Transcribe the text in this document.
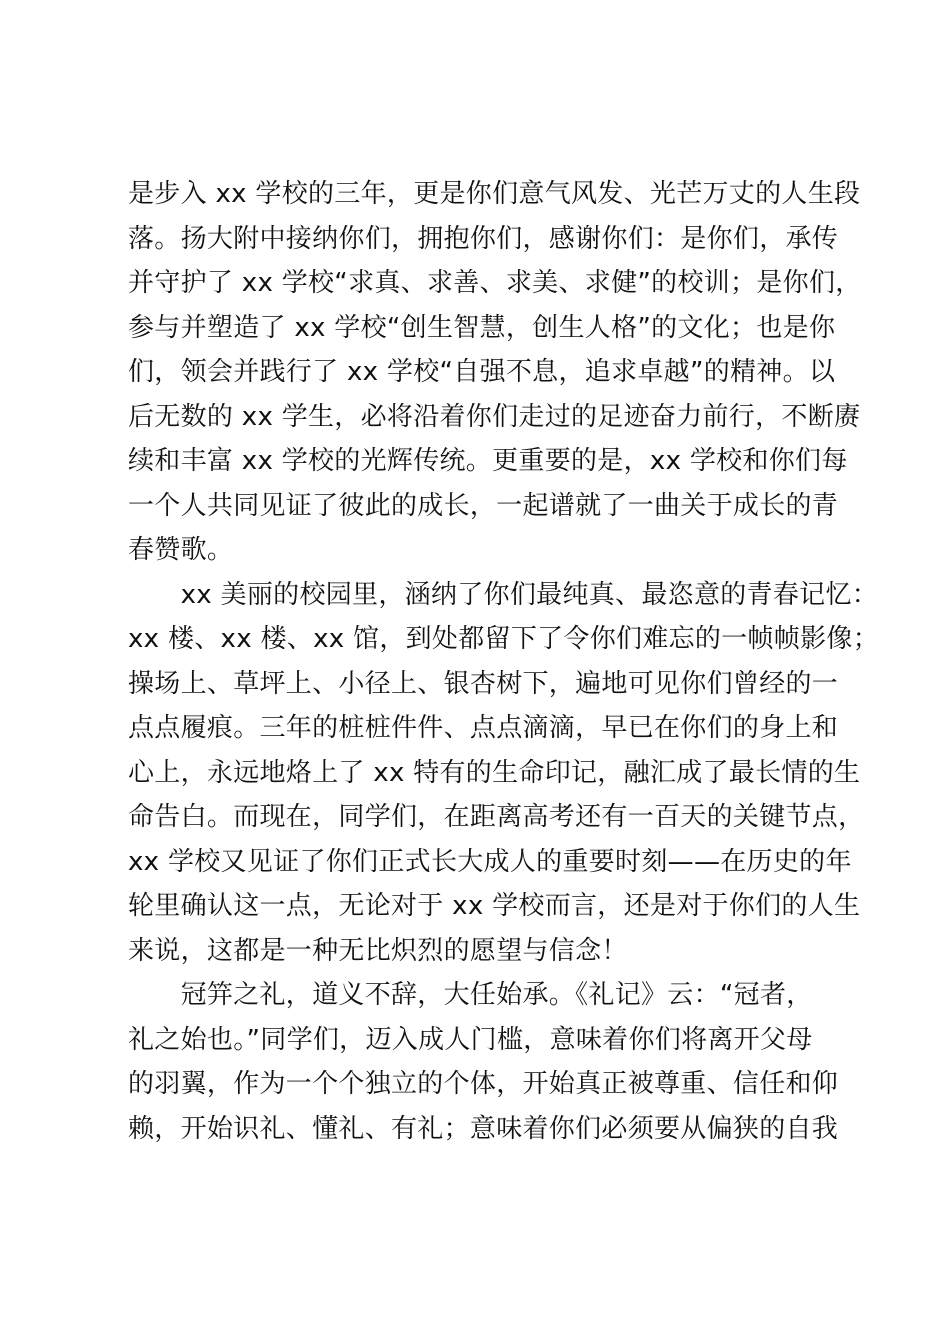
是步入 xx 学校的三年，更是你们意气风发、光芒万丈的人生段
落。扬大附中接纳你们，拥抱你们，感谢你们：是你们，承传
并守护了 xx 学校“求真、求善、求美、求健”的校训；是你们，
参与并塑造了 xx 学校“创生智慧，创生人格”的文化；也是你
们，领会并践行了 xx 学校“自强不息，追求卓越”的精神。以
后无数的 xx 学生，必将沿着你们走过的足迹奋力前行，不断赓
续和丰富 xx 学校的光辉传统。更重要的是，xx 学校和你们每
一个人共同见证了彼此的成长，一起谱就了一曲关于成长的青
春赞歌。
　　xx 美丽的校园里，涵纳了你们最纯真、最恣意的青春记忆：
xx 楼、xx 楼、xx 馆，到处都留下了令你们难忘的一帧帧影像；
操场上、草坪上、小径上、银杏树下，遍地可见你们曾经的一
点点履痕。三年的桩桩件件、点点滴滴，早已在你们的身上和
心上，永远地烙上了 xx 特有的生命印记，融汇成了最长情的生
命告白。而现在，同学们，在距离高考还有一百天的关键节点，
xx 学校又见证了你们正式长大成人的重要时刻——在历史的年
轮里确认这一点，无论对于 xx 学校而言，还是对于你们的人生
来说，这都是一种无比炽烈的愿望与信念！
　　冠笄之礼，道义不辞，大任始承。《礼记》云：“冠者，
礼之始也。”同学们，迈入成人门槛，意味着你们将离开父母
的羽翼，作为一个个独立的个体，开始真正被尊重、信任和仰
赖，开始识礼、懂礼、有礼；意味着你们必须要从偏狭的自我
